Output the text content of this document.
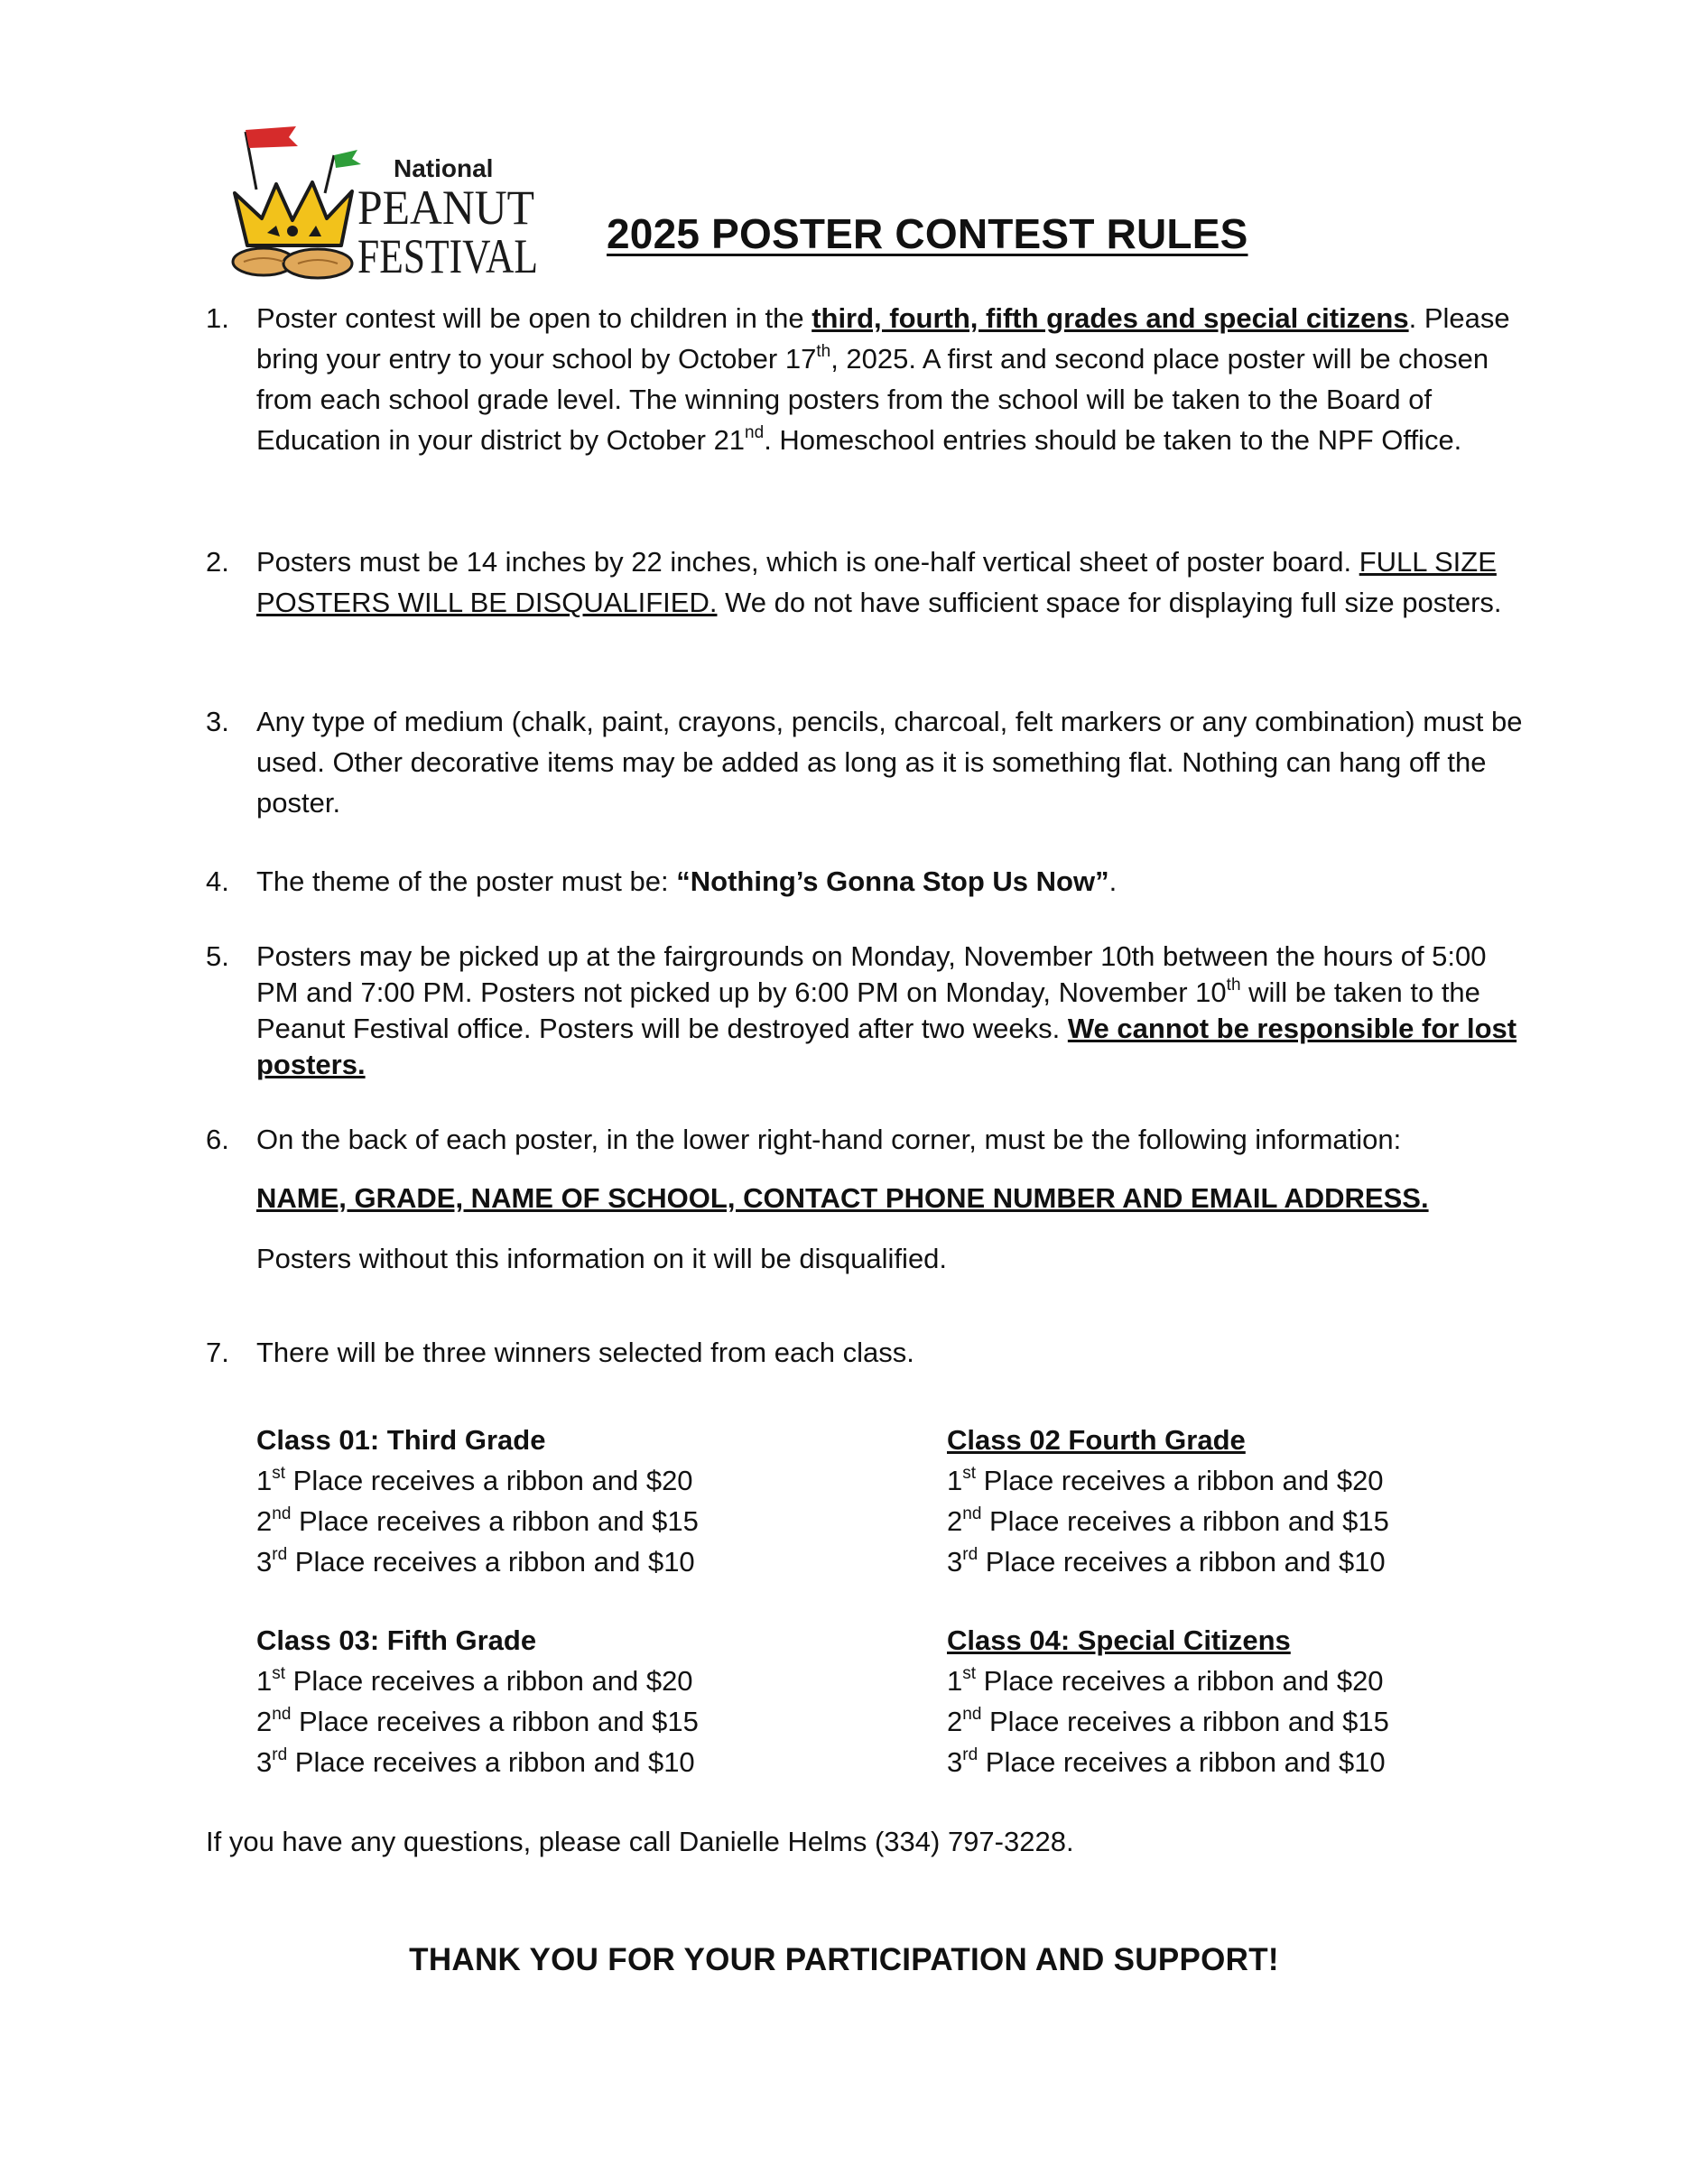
National
PEANUT
FESTIVAL 2025 POSTER CONTEST RULES
1. Poster contest will be open to children in the third, fourth, fifth grades and special citizens. Please bring your entry to your school by October 17th, 2025. A first and second place poster will be chosen from each school grade level. The winning posters from the school will be taken to the Board of Education in your district by October 21nd. Homeschool entries should be taken to the NPF Office.
2. Posters must be 14 inches by 22 inches, which is one-half vertical sheet of poster board. FULL SIZE POSTERS WILL BE DISQUALIFIED. We do not have sufficient space for displaying full size posters.
3. Any type of medium (chalk, paint, crayons, pencils, charcoal, felt markers or any combination) must be used. Other decorative items may be added as long as it is something flat. Nothing can hang off the poster.
4. The theme of the poster must be: “Nothing’s Gonna Stop Us Now”.
5. Posters may be picked up at the fairgrounds on Monday, November 10th between the hours of 5:00 PM and 7:00 PM. Posters not picked up by 6:00 PM on Monday, November 10th will be taken to the Peanut Festival office. Posters will be destroyed after two weeks. We cannot be responsible for lost posters.
6. On the back of each poster, in the lower right-hand corner, must be the following information:
NAME, GRADE, NAME OF SCHOOL, CONTACT PHONE NUMBER AND EMAIL ADDRESS.
Posters without this information on it will be disqualified.
7. There will be three winners selected from each class.
Class 01: Third Grade
1st Place receives a ribbon and $20
2nd Place receives a ribbon and $15
3rd Place receives a ribbon and $10
Class 02 Fourth Grade
1st Place receives a ribbon and $20
2nd Place receives a ribbon and $15
3rd Place receives a ribbon and $10
Class 03: Fifth Grade
1st Place receives a ribbon and $20
2nd Place receives a ribbon and $15
3rd Place receives a ribbon and $10
Class 04: Special Citizens
1st Place receives a ribbon and $20
2nd Place receives a ribbon and $15
3rd Place receives a ribbon and $10
If you have any questions, please call Danielle Helms (334) 797-3228.
THANK YOU FOR YOUR PARTICIPATION AND SUPPORT!
